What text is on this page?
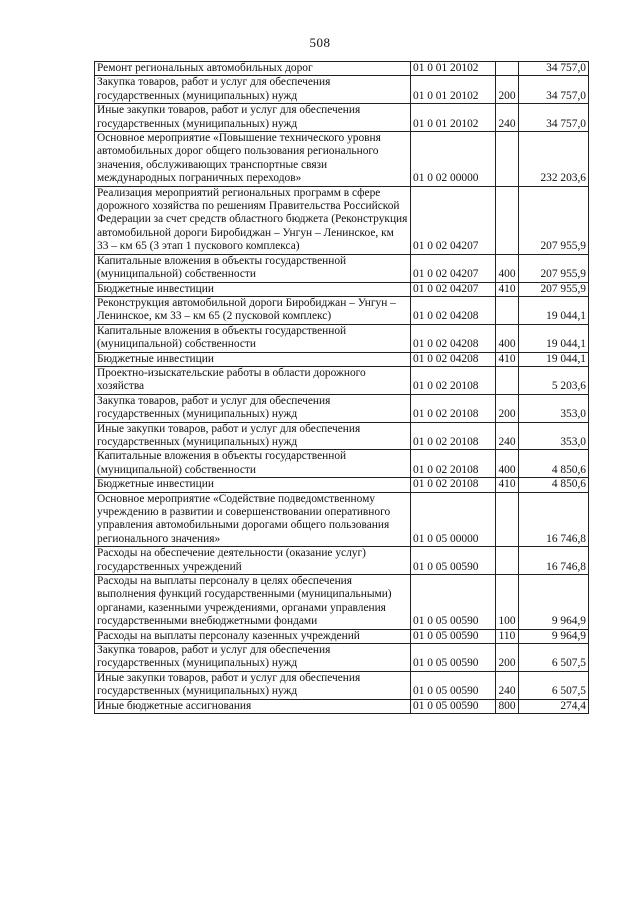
508
Ремонт региональных автомобильных дорог	01 0 01 20102		34 757,0
Закупка товаров, работ и услуг для обеспечения государственных (муниципальных) нужд	01 0 01 20102	200	34 757,0
Иные закупки товаров, работ и услуг для обеспечения государственных (муниципальных) нужд	01 0 01 20102	240	34 757,0
Основное мероприятие «Повышение технического уровня автомобильных дорог общего пользования регионального значения, обслуживающих транспортные связи международных пограничных переходов»	01 0 02 00000		232 203,6
Реализация мероприятий региональных программ в сфере дорожного хозяйства по решениям Правительства Российской Федерации за счет средств областного бюджета (Реконструкция автомобильной дороги Биробиджан – Унгун – Ленинское, км 33 – км 65 (3 этап 1 пускового комплекса)	01 0 02 04207		207 955,9
Капитальные вложения в объекты государственной (муниципальной) собственности	01 0 02 04207	400	207 955,9
Бюджетные инвестиции	01 0 02 04207	410	207 955,9
Реконструкция автомобильной дороги Биробиджан – Унгун – Ленинское, км 33 – км 65 (2 пусковой комплекс)	01 0 02 04208		19 044,1
Капитальные вложения в объекты государственной (муниципальной) собственности	01 0 02 04208	400	19 044,1
Бюджетные инвестиции	01 0 02 04208	410	19 044,1
Проектно-изыскательские работы в области дорожного хозяйства	01 0 02 20108		5 203,6
Закупка товаров, работ и услуг для обеспечения государственных (муниципальных) нужд	01 0 02 20108	200	353,0
Иные закупки товаров, работ и услуг для обеспечения государственных (муниципальных) нужд	01 0 02 20108	240	353,0
Капитальные вложения в объекты государственной (муниципальной) собственности	01 0 02 20108	400	4 850,6
Бюджетные инвестиции	01 0 02 20108	410	4 850,6
Основное мероприятие «Содействие подведомственному учреждению в развитии и совершенствовании оперативного управления автомобильными дорогами общего пользования регионального значения»	01 0 05 00000		16 746,8
Расходы на обеспечение деятельности (оказание услуг) государственных учреждений	01 0 05 00590		16 746,8
Расходы на выплаты персоналу в целях обеспечения выполнения функций государственными (муниципальными) органами, казенными учреждениями, органами управления государственными внебюджетными фондами	01 0 05 00590	100	9 964,9
Расходы на выплаты персоналу казенных учреждений	01 0 05 00590	110	9 964,9
Закупка товаров, работ и услуг для обеспечения государственных (муниципальных) нужд	01 0 05 00590	200	6 507,5
Иные закупки товаров, работ и услуг для обеспечения государственных (муниципальных) нужд	01 0 05 00590	240	6 507,5
Иные бюджетные ассигнования	01 0 05 00590	800	274,4
